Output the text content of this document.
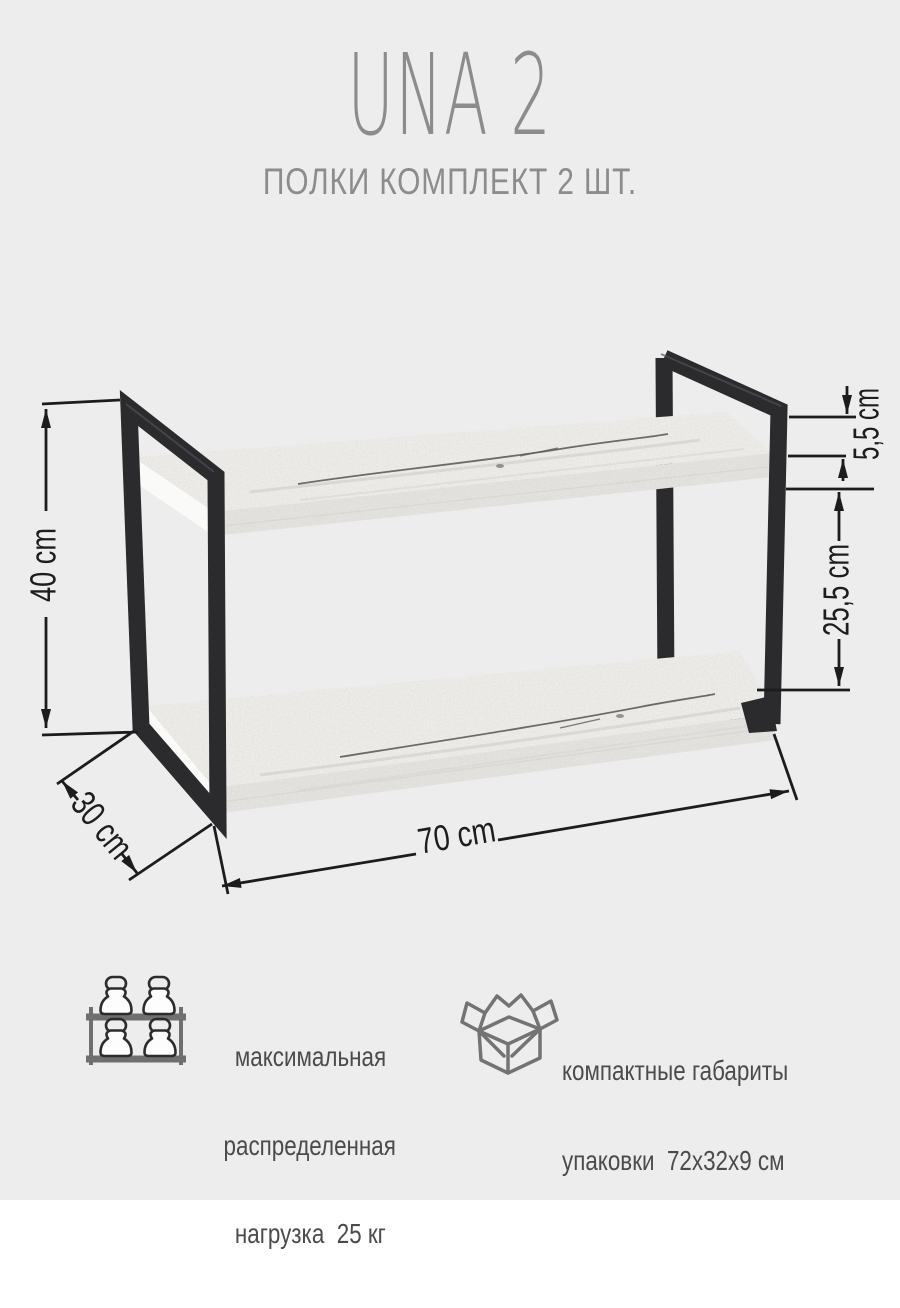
UNA 2
ПОЛКИ КОМПЛЕКТ 2 ШТ.
40 cm
5,5 cm
25,5 cm
30 cm	70 cm

максимальная

распределенная

нагрузка  25 кг

компактные габариты

упаковки  72х32х9 см
